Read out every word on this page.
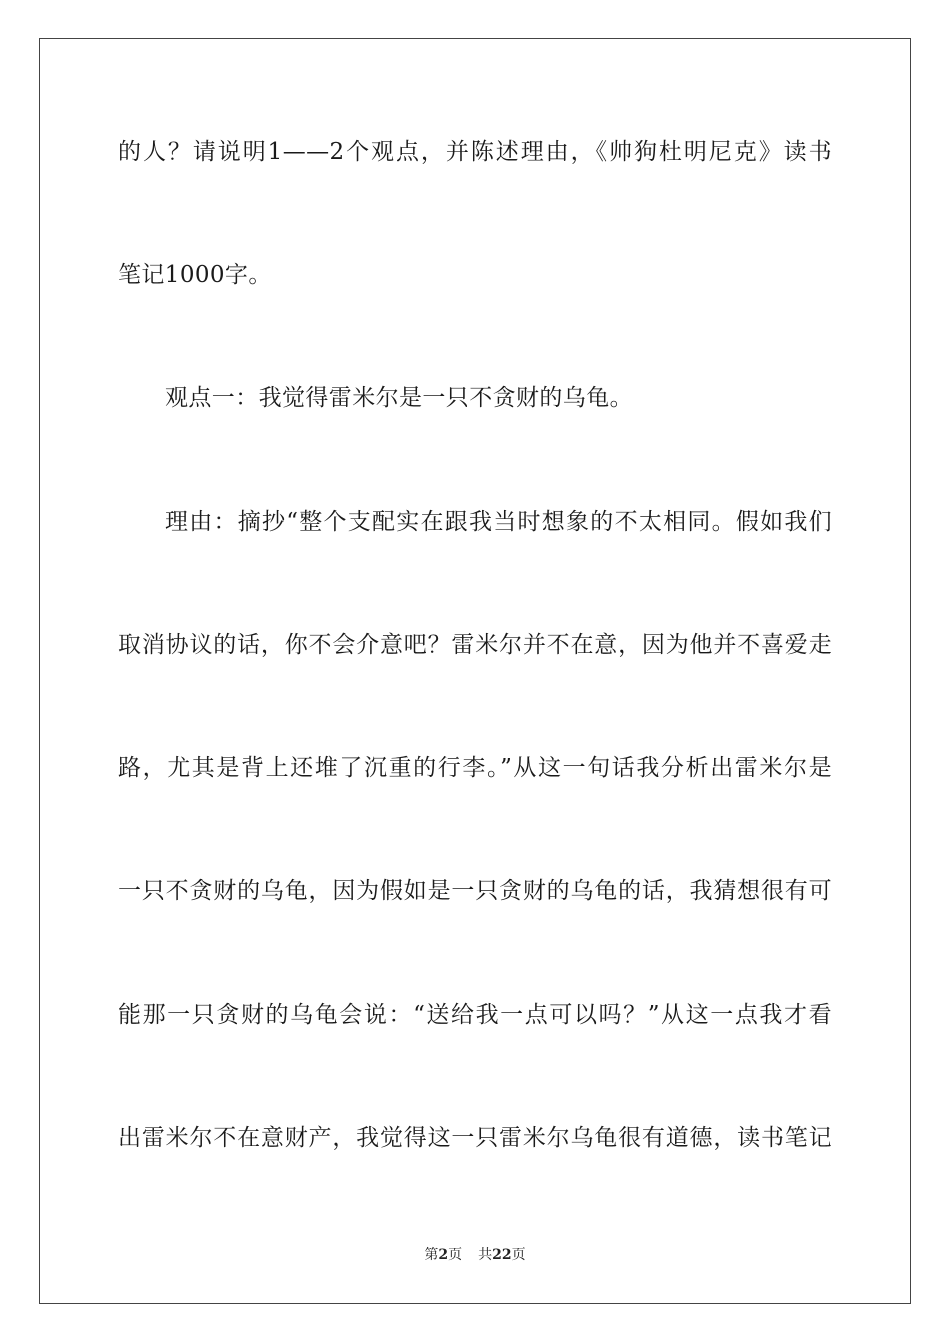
的人？请说明1——2个观点，并陈述理由，《帅狗杜明尼克》读书
笔记1000字。
观点一：我觉得雷米尔是一只不贪财的乌龟。
理由：摘抄“整个支配实在跟我当时想象的不太相同。假如我们
取消协议的话，你不会介意吧？雷米尔并不在意，因为他并不喜爱走
路，尤其是背上还堆了沉重的行李。”从这一句话我分析出雷米尔是
一只不贪财的乌龟，因为假如是一只贪财的乌龟的话，我猜想很有可
能那一只贪财的乌龟会说：“送给我一点可以吗？”从这一点我才看
出雷米尔不在意财产，我觉得这一只雷米尔乌龟很有道德，读书笔记
第2页 共22页
